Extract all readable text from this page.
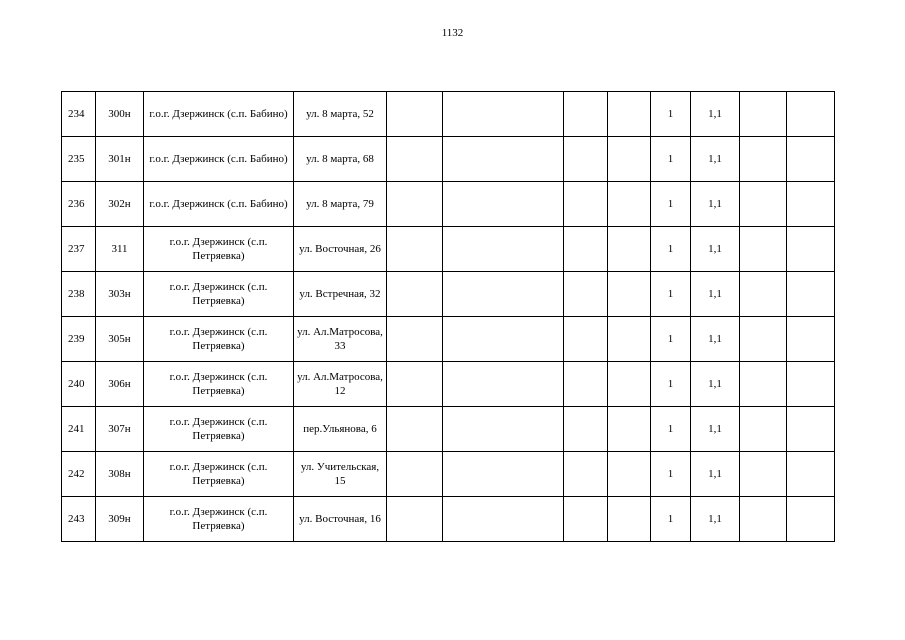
1132
234	300н	г.о.г. Дзержинск (с.п. Бабино)	ул. 8 марта, 52					1	1,1		
235	301н	г.о.г. Дзержинск (с.п. Бабино)	ул. 8 марта, 68					1	1,1		
236	302н	г.о.г. Дзержинск (с.п. Бабино)	ул. 8 марта, 79					1	1,1		
237	311	г.о.г. Дзержинск (с.п. Петряевка)	ул. Восточная, 26					1	1,1		
238	303н	г.о.г. Дзержинск (с.п. Петряевка)	ул. Встречная, 32					1	1,1		
239	305н	г.о.г. Дзержинск (с.п. Петряевка)	ул. Ал.Матросова, 33					1	1,1		
240	306н	г.о.г. Дзержинск (с.п. Петряевка)	ул. Ал.Матросова, 12					1	1,1		
241	307н	г.о.г. Дзержинск (с.п. Петряевка)	пер.Ульянова, 6					1	1,1		
242	308н	г.о.г. Дзержинск (с.п. Петряевка)	ул. Учительская, 15					1	1,1		
243	309н	г.о.г. Дзержинск (с.п. Петряевка)	ул. Восточная, 16					1	1,1		
